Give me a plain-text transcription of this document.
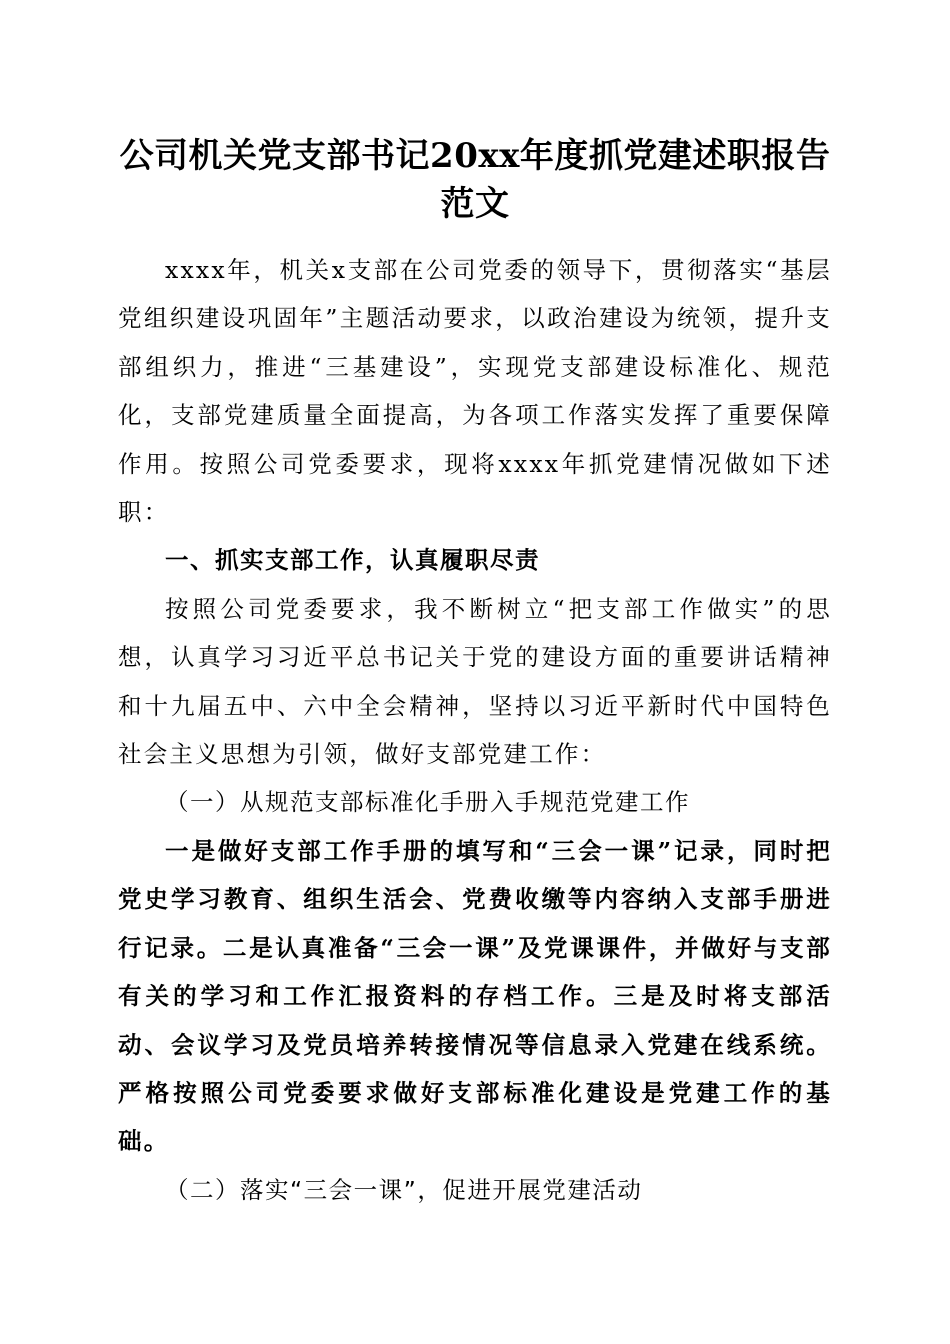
公司机关党支部书记20xx年度抓党建述职报告范文

xxxx年，机关x支部在公司党委的领导下，贯彻落实“基层党组织建设巩固年”主题活动要求，以政治建设为统领，提升支部组织力，推进“三基建设”，实现党支部建设标准化、规范化，支部党建质量全面提高，为各项工作落实发挥了重要保障作用。按照公司党委要求，现将xxxx年抓党建情况做如下述职：

一、抓实支部工作，认真履职尽责

按照公司党委要求，我不断树立“把支部工作做实”的思想，认真学习习近平总书记关于党的建设方面的重要讲话精神和十九届五中、六中全会精神，坚持以习近平新时代中国特色社会主义思想为引领，做好支部党建工作：

（一）从规范支部标准化手册入手规范党建工作

一是做好支部工作手册的填写和“三会一课”记录，同时把党史学习教育、组织生活会、党费收缴等内容纳入支部手册进行记录。二是认真准备“三会一课”及党课课件，并做好与支部有关的学习和工作汇报资料的存档工作。三是及时将支部活动、会议学习及党员培养转接情况等信息录入党建在线系统。严格按照公司党委要求做好支部标准化建设是党建工作的基础。

（二）落实“三会一课”，促进开展党建活动
